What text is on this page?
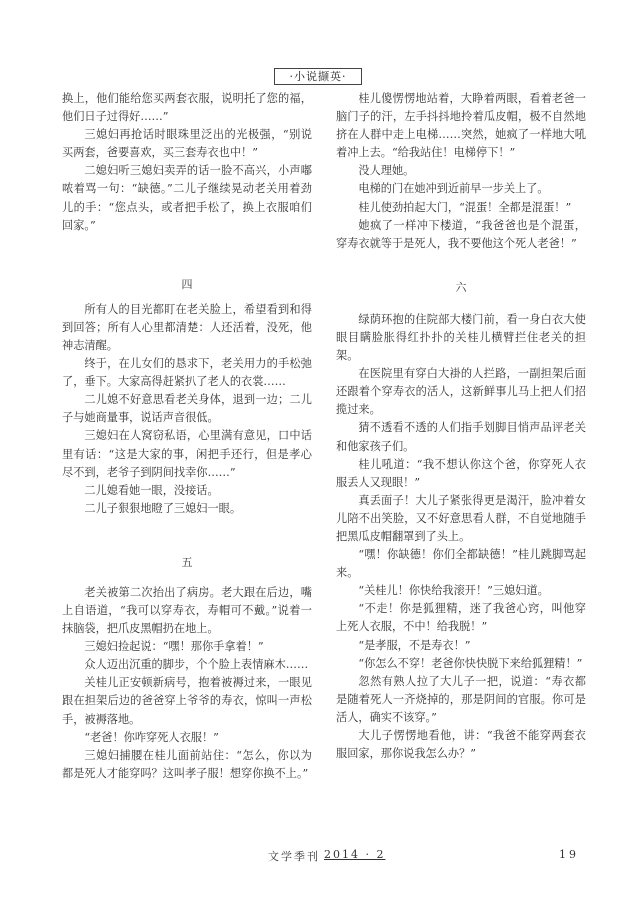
·小说撷英·

换上，他们能给您买两套衣服，说明托了您的福，他们日子过得好……”

三媳妇再抢话时眼珠里泛出的光极强，“别说买两套，爸要喜欢，买三套寿衣也中！”

二媳妇听三媳妇卖弄的话一脸不高兴，小声嘟哝着骂一句：“缺德。”二儿子继续晃动老关用着劲儿的手：“您点头，或者把手松了，换上衣服咱们回家。”

四

所有人的目光都盯在老关脸上，希望看到和得到回答；所有人心里都清楚：人还活着，没死，他神志清醒。

终于，在儿女们的恳求下，老关用力的手松弛了，垂下。大家高得赶紧扒了老人的衣裳……

二儿媳不好意思看老关身体，退到一边；二儿子与她商量事，说话声音很低。

三媳妇在人窝窃私语，心里满有意见，口中话里有话：“这是大家的事，闲把手还行，但是孝心尽不到，老爷子到阴间找幸你……”

二儿媳看她一眼，没接话。

二儿子狠狠地瞪了三媳妇一眼。

五

老关被第二次抬出了病房。老大跟在后边，嘴上自语道，“我可以穿寿衣，寿帽可不戴。”说着一抹脑袋，把爪皮黑帽扔在地上。

三媳妇捡起说：“嘿！那你手拿着！”

众人迈出沉重的脚步，个个脸上表情麻木……

关桂儿正安顿新病号，抱着被褥过来，一眼见跟在担架后边的爸爸穿上爷爷的寿衣，惊叫一声松手，被褥落地。

“老爸！你咋穿死人衣服！”

三媳妇捕腰在桂儿面前站住：“怎么，你以为都是死人才能穿吗？这叫孝子服！想穿你换不上。”

桂儿傻愣愣地站着，大睁着两眼，看着老爸一脑门子的汗，左手抖抖地拎着瓜皮帽，极不自然地挤在人群中走上电梯……突然，她疯了一样地大吼着冲上去。“给我站住！电梯停下！”

没人理她。

电梯的门在她冲到近前早一步关上了。

桂儿使劲拍起大门，“混蛋！全都是混蛋！”

她疯了一样冲下楼道，“我爸爸也是个混蛋，穿寿衣就等于是死人，我不要他这个死人老爸！”

六

绿荫环抱的住院部大楼门前，看一身白衣大使眼目瞒脸胀得红扑扑的关桂儿横臂拦住老关的担架。

在医院里有穿白大褂的人拦路，一副担架后面还跟着个穿寿衣的活人，这新鲜事儿马上把人们招揽过来。

猜不透看不透的人们指手划脚目悄声品评老关和他家孩子们。

桂儿吼道：“我不想认你这个爸，你穿死人衣服丢人又现眼！”

真丢面子！大儿子紧张得更是渴汗，脸冲着女儿陪不出笑脸，又不好意思看人群，不自觉地随手把黑瓜皮帽翻罩到了头上。

“嘿！你缺德！你们全都缺德！”桂儿跳脚骂起来。

“关桂儿！你快给我滚开！”三媳妇道。

“不走！你是狐狸精，迷了我爸心窍，叫他穿上死人衣服，不中！给我脱！”

“是孝服，不是寿衣！”

“你怎么不穿！老爸你快快脱下来给狐狸精！”

忽然有熟人拉了大儿子一把，说道：“寿衣都是随着死人一齐烧掉的，那是阴间的官服。你可是活人，确实不该穿。”

大儿子愣愣地看他，讲：“我爸不能穿两套衣服回家，那你说我怎么办？”

文学季刊 2014 · 2	19
